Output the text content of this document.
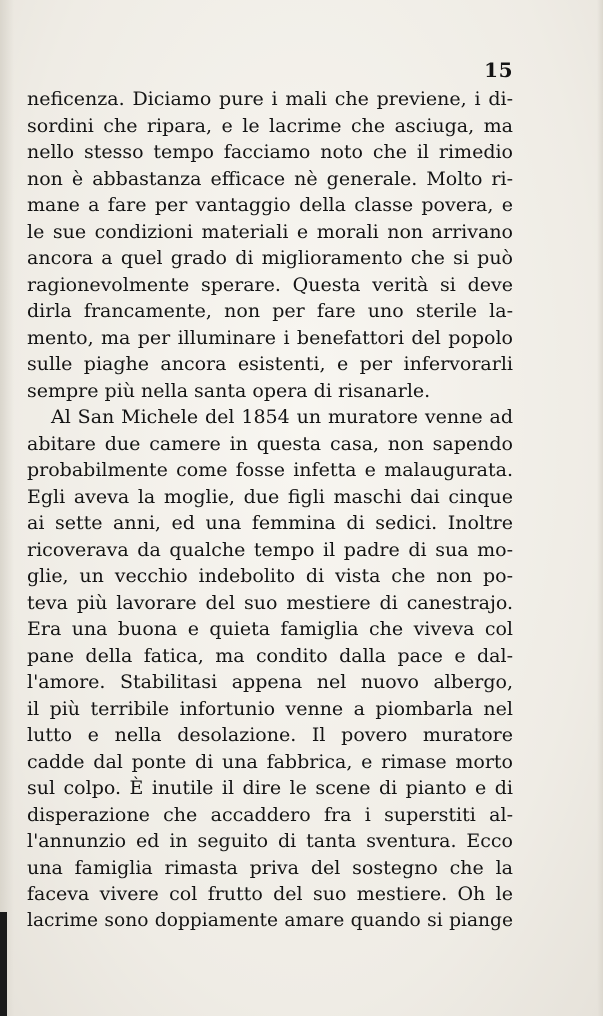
15
neficenza. Diciamo pure i mali che previene, i di-
sordini che ripara, e le lacrime che asciuga, ma
nello stesso tempo facciamo noto che il rimedio
non è abbastanza efficace nè generale. Molto ri-
mane a fare per vantaggio della classe povera, e
le sue condizioni materiali e morali non arrivano
ancora a quel grado di miglioramento che si può
ragionevolmente sperare. Questa verità si deve
dirla francamente, non per fare uno sterile la-
mento, ma per illuminare i benefattori del popolo
sulle piaghe ancora esistenti, e per infervorarli
sempre più nella santa opera di risanarle.
Al San Michele del 1854 un muratore venne ad
abitare due camere in questa casa, non sapendo
probabilmente come fosse infetta e malaugurata.
Egli aveva la moglie, due figli maschi dai cinque
ai sette anni, ed una femmina di sedici. Inoltre
ricoverava da qualche tempo il padre di sua mo-
glie, un vecchio indebolito di vista che non po-
teva più lavorare del suo mestiere di canestrajo.
Era una buona e quieta famiglia che viveva col
pane della fatica, ma condito dalla pace e dal-
l'amore. Stabilitasi appena nel nuovo albergo,
il più terribile infortunio venne a piombarla nel
lutto e nella desolazione. Il povero muratore
cadde dal ponte di una fabbrica, e rimase morto
sul colpo. È inutile il dire le scene di pianto e di
disperazione che accaddero fra i superstiti al-
l'annunzio ed in seguito di tanta sventura. Ecco
una famiglia rimasta priva del sostegno che la
faceva vivere col frutto del suo mestiere. Oh le
lacrime sono doppiamente amare quando si piange
